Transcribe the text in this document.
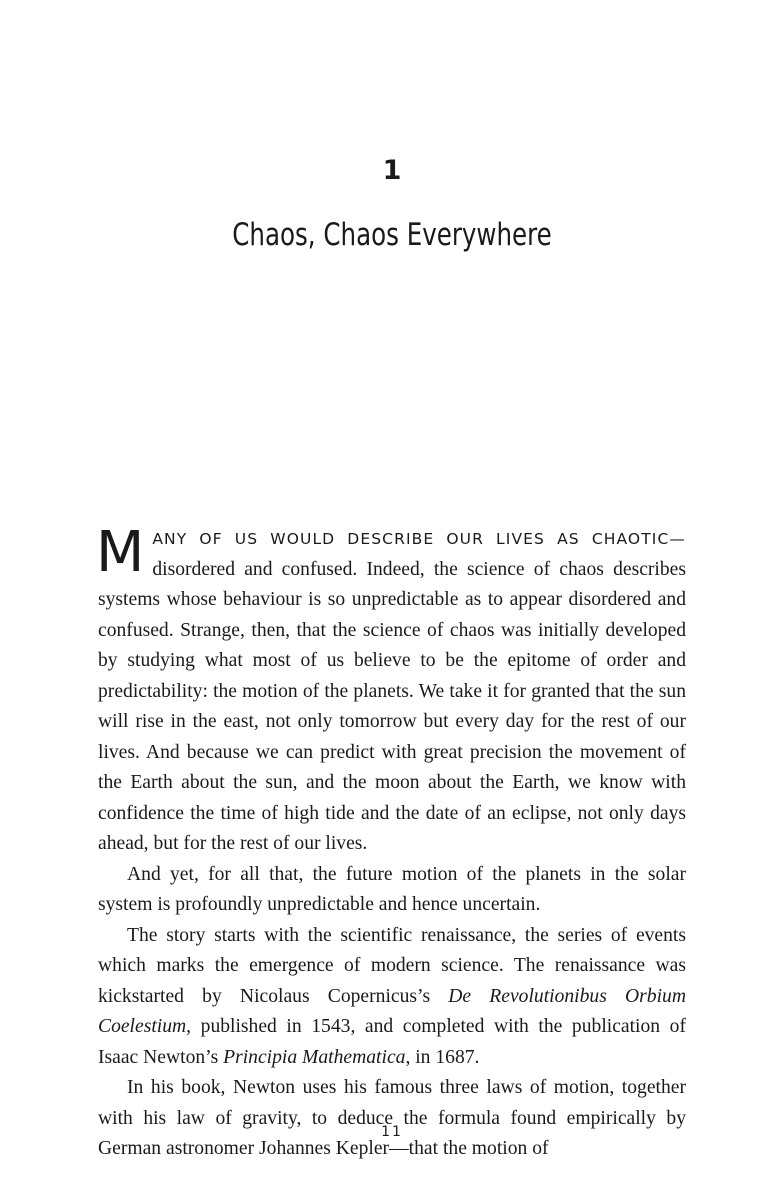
1
Chaos, Chaos Everywhere

M ANY OF US WOULD DESCRIBE OUR LIVES AS CHAOTIC—
disordered and confused. Indeed, the science of chaos describes systems whose behaviour is so unpredictable as to appear disordered and confused. Strange, then, that the science of chaos was initially developed by studying what most of us believe to be the epitome of order and predictability: the motion of the planets. We take it for granted that the sun will rise in the east, not only tomorrow but every day for the rest of our lives. And because we can predict with great precision the movement of the Earth about the sun, and the moon about the Earth, we know with confidence the time of high tide and the date of an eclipse, not only days ahead, but for the rest of our lives.

And yet, for all that, the future motion of the planets in the solar system is profoundly unpredictable and hence uncertain.

The story starts with the scientific renaissance, the series of events which marks the emergence of modern science. The renaissance was kickstarted by Nicolaus Copernicus’s De Revolutionibus Orbium Coelestium, published in 1543, and completed with the publication of Isaac Newton’s Principia Mathematica, in 1687.

In his book, Newton uses his famous three laws of motion, together with his law of gravity, to deduce the formula found empirically by German astronomer Johannes Kepler—that the motion of

11
